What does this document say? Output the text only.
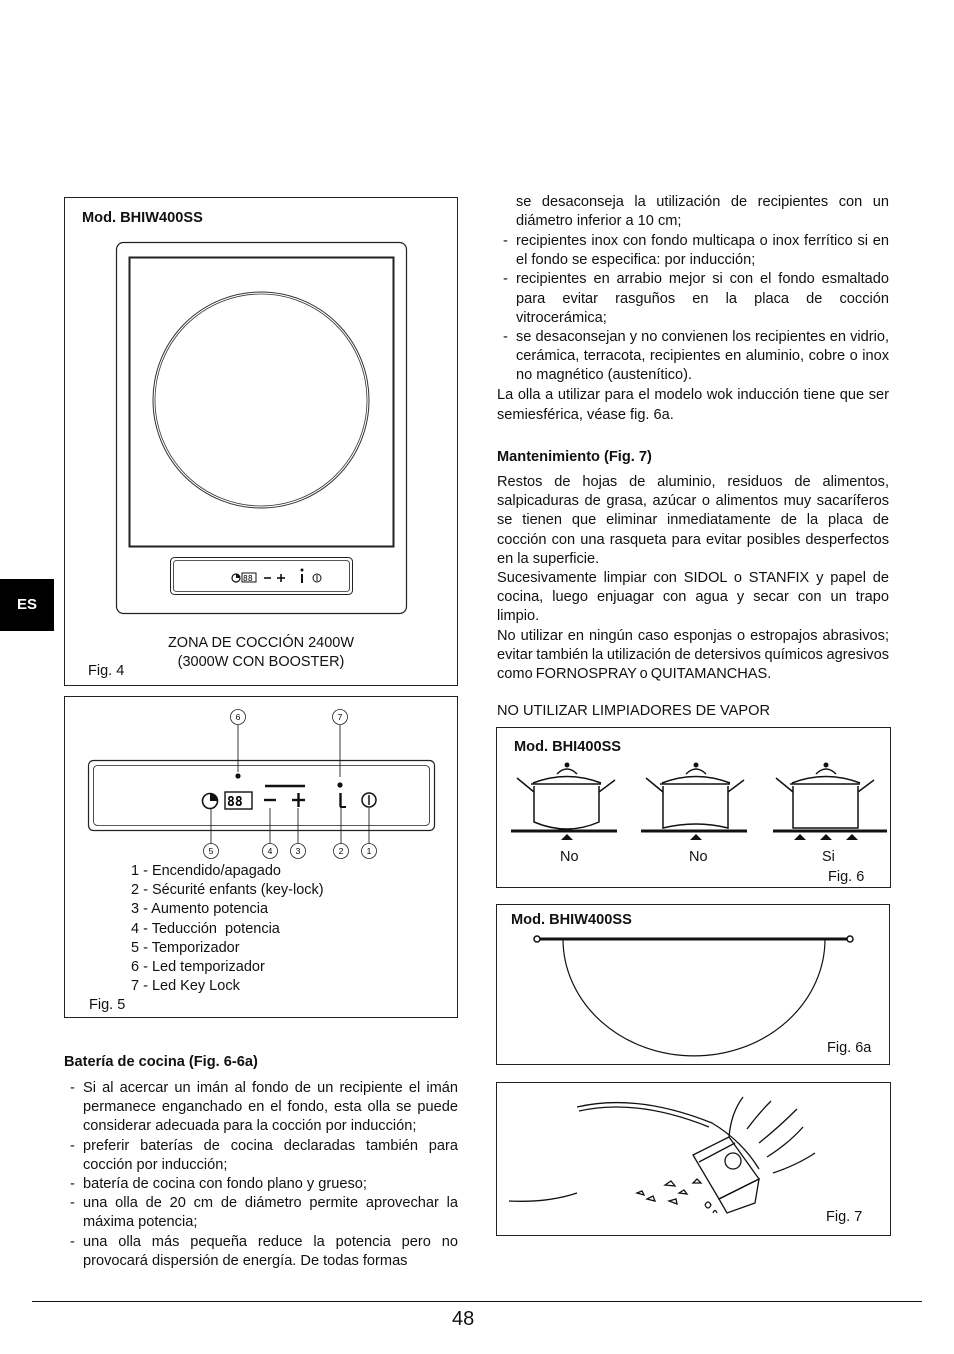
ES
Mod. BHIW400SS
88
ZONA DE COCCIÓN 2400W
(3000W CON BOOSTER)
Fig. 4
88
6	7
5	4	3	2	1
1 - Encendido/apagado
2 - Sécurité enfants (key-lock)
3 - Aumento potencia
4 - Teducción  potencia
5 - Temporizador
6 - Led temporizador
7 - Led Key Lock
Fig. 5
Batería de cocina (Fig. 6-6a)
- Si al acercar un imán al fondo de un recipiente el imán permanece enganchado en el fondo, esta olla se puede considerar adecuada para la cocción por inducción;
- preferir baterías de cocina declaradas también para cocción por inducción;
- batería de cocina con fondo plano y grueso;
- una olla de 20 cm de diámetro permite aprovechar la máxima potencia;
- una olla más pequeña reduce la potencia pero no provocará dispersión de energía. De todas formas
se desaconseja la utilización de recipientes con un diámetro inferior a 10 cm;
- recipientes inox con fondo multicapa o inox ferrítico si en el fondo se especifica: por inducción;
- recipientes en arrabio mejor si con el fondo esmaltado para evitar rasguños en la placa de cocción vitrocerámica;
- se desaconsejan y no convienen los recipientes en vidrio, cerámica, terracota, recipientes en aluminio, cobre o inox no magnético (austenítico).
La olla a utilizar para el modelo wok inducción tiene que ser semiesférica, véase fig. 6a.
Mantenimiento (Fig. 7)

Restos de hojas de aluminio, residuos de alimentos, salpicaduras de grasa, azúcar o alimentos muy sacaríferos se tienen que eliminar inmediatamente de la placa de cocción con una rasqueta para evitar posibles desperfectos en la superficie.

Sucesivamente limpiar con SIDOL o STANFIX y papel de cocina, luego enjuagar con agua y secar con un trapo limpio.

No utilizar en ningún caso esponjas o estropajos abrasivos; evitar también la utilización de detersivos químicos agresivos como FORNOSPRAY o QUITAMANCHAS.

NO UTILIZAR LIMPIADORES DE VAPOR
Mod. BHI400SS
No	No	Si
Fig. 6
Mod. BHIW400SS
Fig. 6a
Fig. 7
48
